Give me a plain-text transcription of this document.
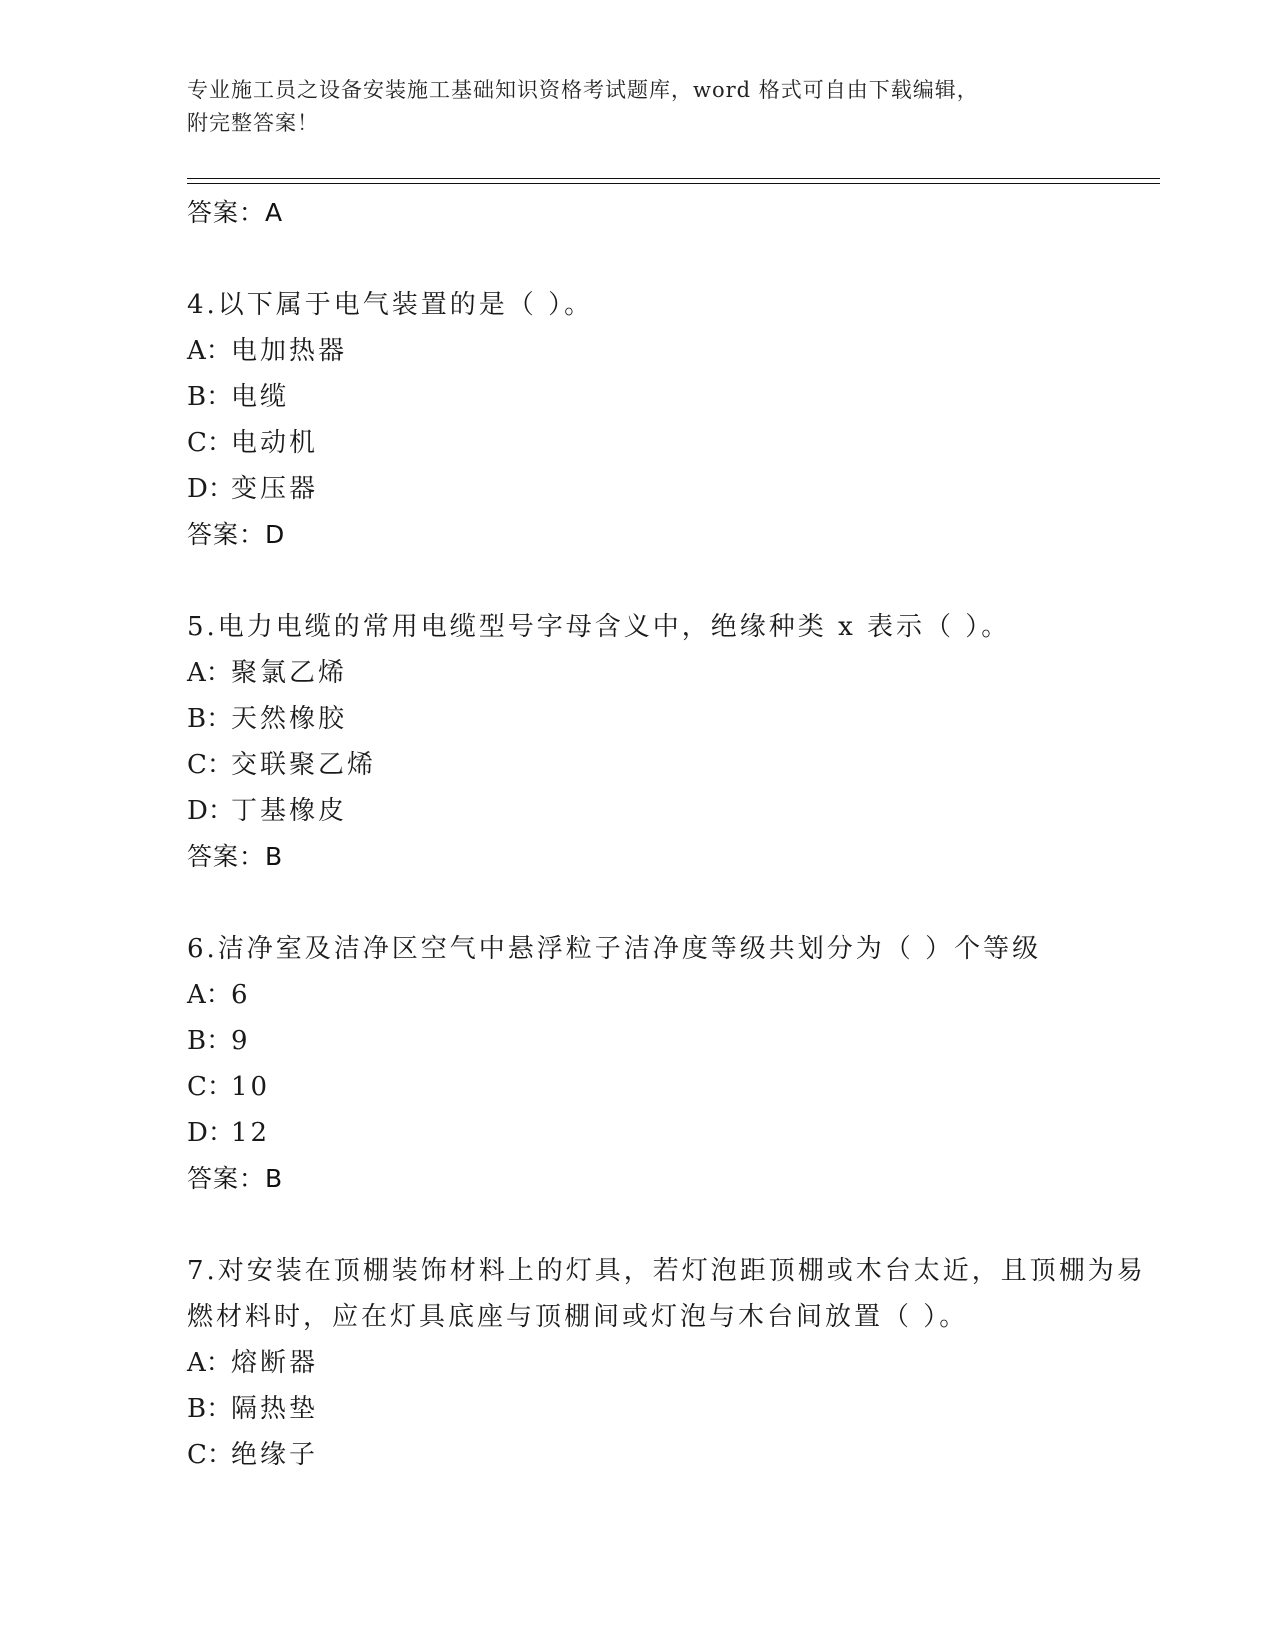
专业施工员之设备安装施工基础知识资格考试题库，word 格式可自由下载编辑，
附完整答案！
答案：A
4.以下属于电气装置的是（ ）。
A：电加热器
B：电缆
C：电动机
D：变压器
答案：D
5.电力电缆的常用电缆型号字母含义中，绝缘种类 x 表示（ ）。
A：聚氯乙烯
B：天然橡胶
C：交联聚乙烯
D：丁基橡皮
答案：B
6.洁净室及洁净区空气中悬浮粒子洁净度等级共划分为（ ）个等级
A：6
B：9
C：10
D：12
答案：B
7.对安装在顶棚装饰材料上的灯具，若灯泡距顶棚或木台太近，且顶棚为易燃材料时，应在灯具底座与顶棚间或灯泡与木台间放置（ ）。
A：熔断器
B：隔热垫
C：绝缘子
